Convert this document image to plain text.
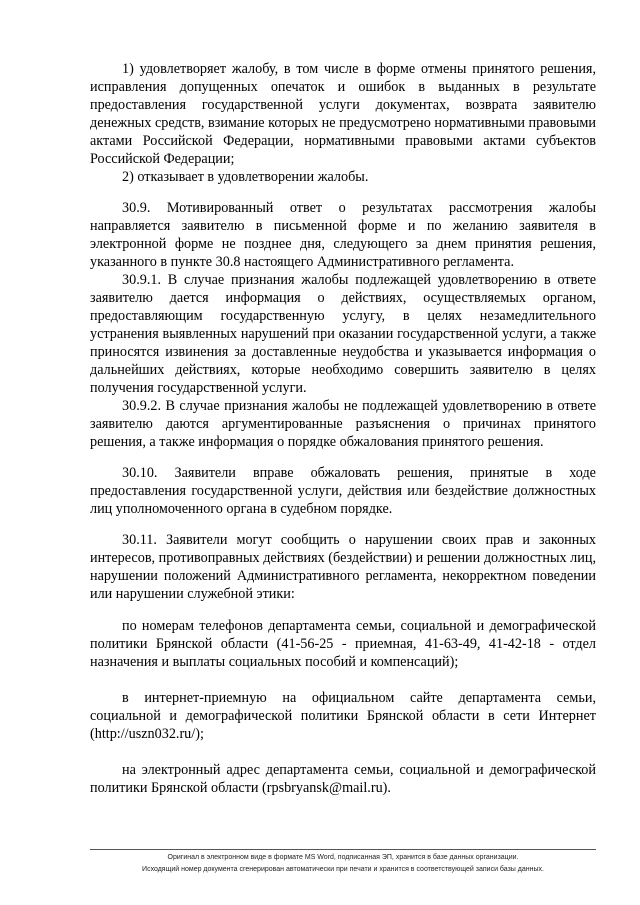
1) удовлетворяет жалобу, в том числе в форме отмены принятого решения, исправления допущенных опечаток и ошибок в выданных в результате предоставления государственной услуги документах, возврата заявителю денежных средств, взимание которых не предусмотрено нормативными правовыми актами Российской Федерации, нормативными правовыми актами субъектов Российской Федерации;

2) отказывает в удовлетворении жалобы.

30.9. Мотивированный ответ о результатах рассмотрения жалобы направляется заявителю в письменной форме и по желанию заявителя в электронной форме не позднее дня, следующего за днем принятия решения, указанного в пункте 30.8 настоящего Административного регламента.

30.9.1. В случае признания жалобы подлежащей удовлетворению в ответе заявителю дается информация о действиях, осуществляемых органом, предоставляющим государственную услугу, в целях незамедлительного устранения выявленных нарушений при оказании государственной услуги, а также приносятся извинения за доставленные неудобства и указывается информация о дальнейших действиях, которые необходимо совершить заявителю в целях получения государственной услуги.

30.9.2. В случае признания жалобы не подлежащей удовлетворению в ответе заявителю даются аргументированные разъяснения о причинах принятого решения, а также информация о порядке обжалования принятого решения.

30.10. Заявители вправе обжаловать решения, принятые в ходе предоставления государственной услуги, действия или бездействие должностных лиц уполномоченного органа в судебном порядке.

30.11. Заявители могут сообщить о нарушении своих прав и законных интересов, противоправных действиях (бездействии) и решении должностных лиц, нарушении положений Административного регламента, некорректном поведении или нарушении служебной этики:

по номерам телефонов департамента семьи, социальной и демографической политики Брянской области (41-56-25 - приемная, 41-63-49, 41-42-18 - отдел назначения и выплаты социальных пособий и компенсаций);

в интернет-приемную на официальном сайте департамента семьи, социальной и демографической политики Брянской области в сети Интернет (http://uszn032.ru/);

на электронный адрес департамента семьи, социальной и демографической политики Брянской области (rpsbryansk@mail.ru).

Оригинал в электронном виде в формате MS Word, подписанная ЭП, хранится в базе данных организации.
Исходящий номер документа сгенерирован автоматически при печати и хранится в соответствующей записи базы данных.
